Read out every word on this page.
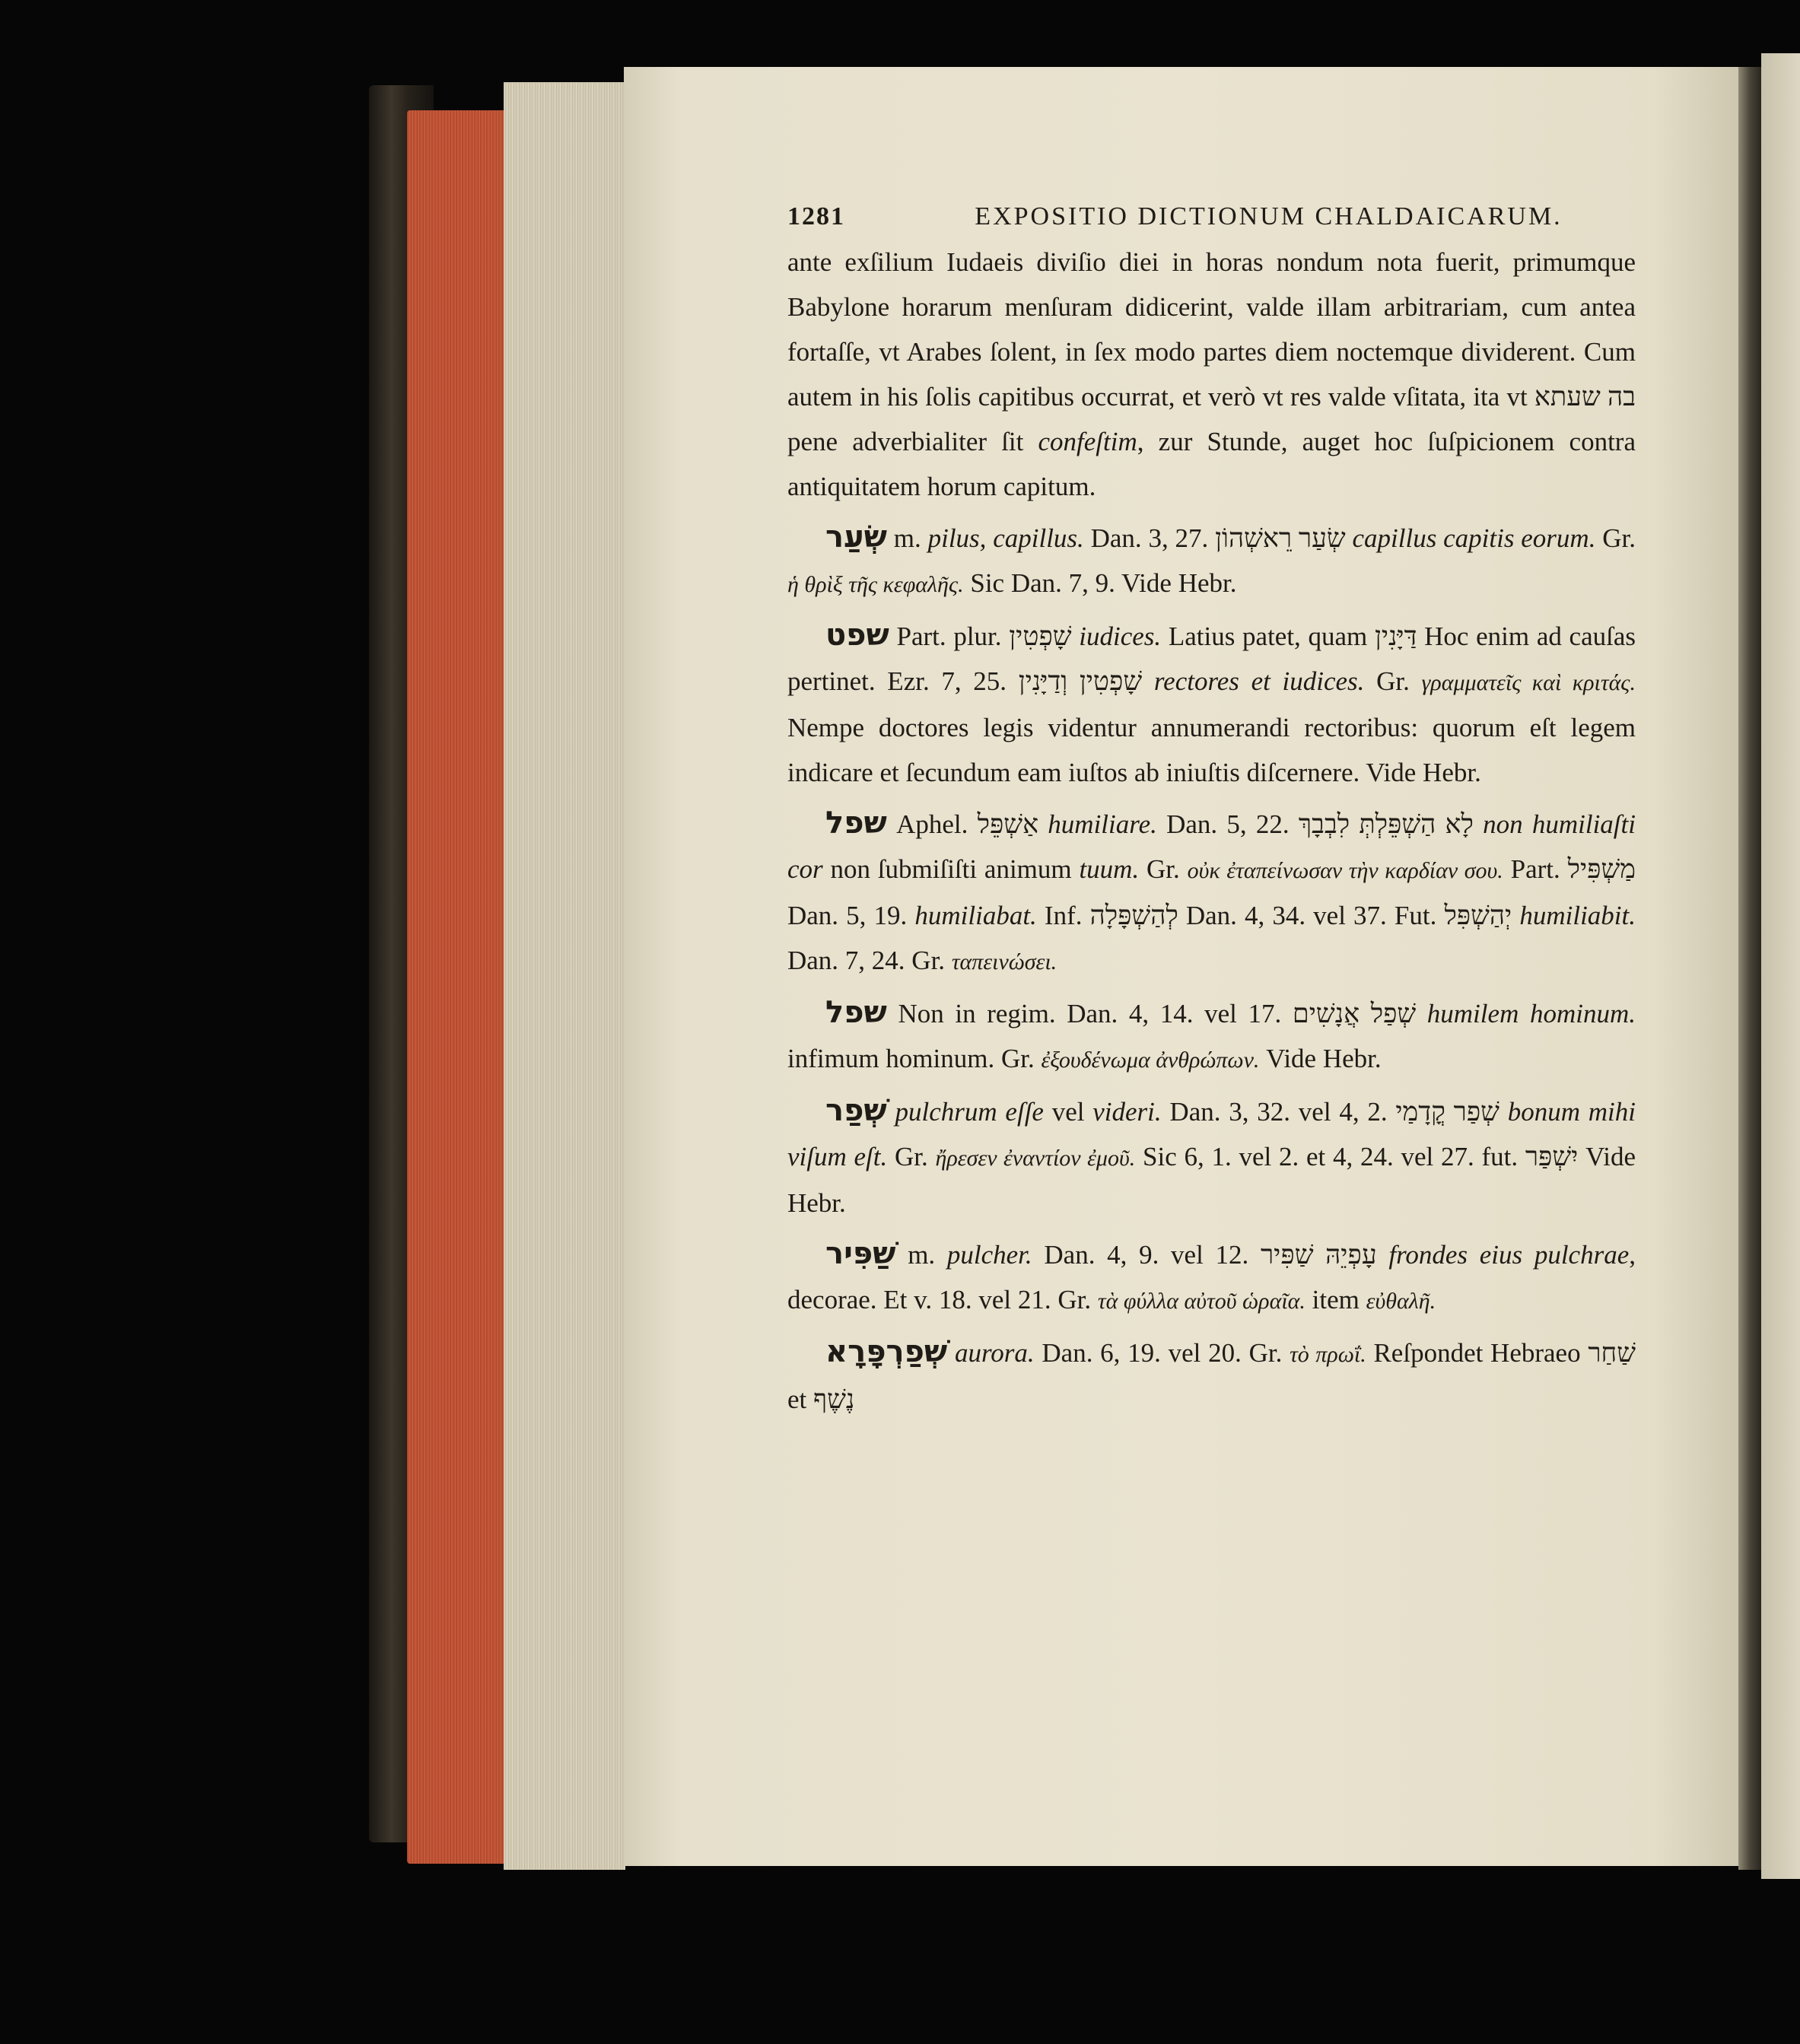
1281	EXPOSITIO DICTIONUM CHALDAICARUM.

ante exſilium Iudaeis diviſio diei in horas nondum nota fuerit, primumque Babylone horarum menſuram didicerint, valde illam arbitrariam, cum antea fortaſſe, vt Arabes ſolent, in ſex modo partes diem noctemque dividerent. Cum autem in his ſolis capitibus occurrat, et verò vt res valde vſitata, ita vt בה שעתא pene adverbialiter ſit confeſtim, zur Stunde, auget hoc ſuſpicionem contra antiquitatem horum capitum.

שְׂעַר m. pilus, capillus. Dan. 3, 27. שְׂעַר רֵאשְׁהוֹן capillus capitis eorum. Gr. ἡ θρὶξ τῆς κεφαλῆς. Sic Dan. 7, 9. Vide Hebr.

שפט Part. plur. שָׁפְטִין iudices. Latius patet, quam דַּיָּנִין Hoc enim ad cauſas pertinet. Ezr. 7, 25. שָׁפְטִין וְדַיָּנִין rectores et iudices. Gr. γραμματεῖς καὶ κριτάς. Nempe doctores legis videntur annumerandi rectoribus: quorum eſt legem indicare et ſecundum eam iuſtos ab iniuſtis diſcernere. Vide Hebr.

שפל Aphel. אַשְׁפֵּל humiliare. Dan. 5, 22. לָא הַשְׁפֵּלְתְּ לִבְבָךְ non humiliaſti cor non ſubmiſiſti animum tuum. Gr. οὐκ ἐταπείνωσαν τὴν καρδίαν σου. Part. מַשְׁפִּיל Dan. 5, 19. humiliabat. Inf. לְהַשְׁפָּלָה Dan. 4, 34. vel 37. Fut. יְהַשְׁפִּל humiliabit. Dan. 7, 24. Gr. ταπεινώσει.

שפל Non in regim. Dan. 4, 14. vel 17. שְׁפַל אֲנָשִׁים humilem hominum. infimum hominum. Gr. ἐξουδένωμα ἀνθρώπων. Vide Hebr.

שְׁפַר pulchrum eſſe vel videri. Dan. 3, 32. vel 4, 2. שְׁפַר קֳדָמַי bonum mihi viſum eſt. Gr. ἤρεσεν ἐναντίον ἐμοῦ. Sic 6, 1. vel 2. et 4, 24. vel 27. fut. יִשְׁפַּר Vide Hebr.

שַׁפִּיר m. pulcher. Dan. 4, 9. vel 12. עָפְיֵהּ שַׁפִּיר frondes eius pulchrae, decorae. Et v. 18. vel 21. Gr. τὰ φύλλα αὐτοῦ ὡραῖα. item εὐθαλῆ.

שְׁפַרְפָּרָא aurora. Dan. 6, 19. vel 20. Gr. τὸ πρωΐ. Reſpondet Hebraeo שַׁחַר et נֶשֶׁף
